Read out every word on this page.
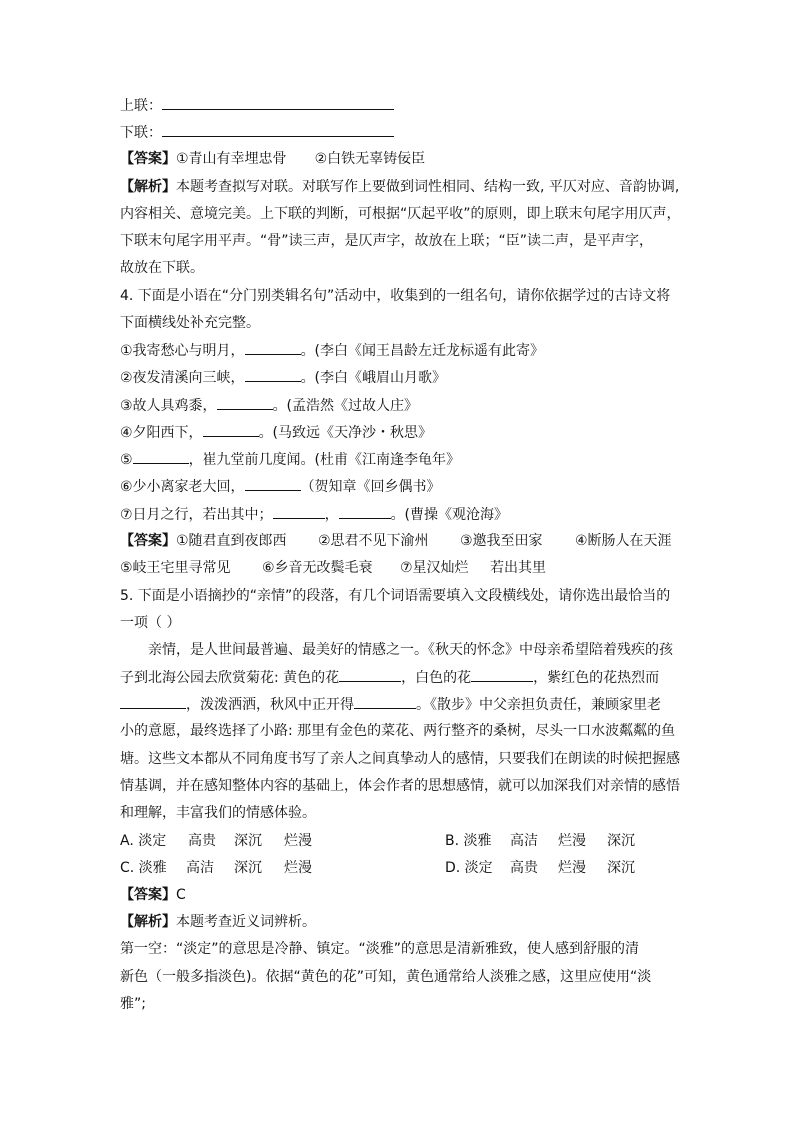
上联：

下联：

【答案】①青山有幸埋忠骨 ②白铁无辜铸佞臣

【解析】本题考查拟写对联。对联写作上要做到词性相同、结构一致, 平仄对应、音韵协调,

内容相关、意境完美。上下联的判断，可根据“仄起平收”的原则，即上联末句尾字用仄声，

下联末句尾字用平声。“骨”读三声，是仄声字，故放在上联；“臣”读二声，是平声字，

故放在下联。

4. 下面是小语在“分门别类辑名句”活动中，收集到的一组名句，请你依据学过的古诗文将

下面横线处补充完整。

①我寄愁心与明月，	。(李白《闻王昌龄左迁龙标遥有此寄》

②夜发清溪向三峡，	。(李白《峨眉山月歌》

③故人具鸡黍，	。(孟浩然《过故人庄》

④夕阳西下，	。(马致远《天净沙・秋思》

⑤	，崔九堂前几度闻。(杜甫《江南逢李龟年》

⑥少小离家老大回，	（贺知章《回乡偶书》

⑦日月之行，若出其中；	，	。(曹操《观沧海》

【答案】 ①随君直到夜郎西 ②思君不见下渝州 ③邀我至田家 ④断肠人在天涯
⑤岐王宅里寻常见 ⑥乡音无改鬓毛衰 ⑦星汉灿烂 若出其里

5. 下面是小语摘抄的“亲情”的段落，有几个词语需要填入文段横线处，请你选出最恰当的

一项（ ）

亲情，是人世间最普遍、最美好的情感之一。《秋天的怀念》中母亲希望陪着残疾的孩

子到北海公园去欣赏菊花: 黄色的花	，白色的花	，紫红色的花热烈而

，泼泼洒洒，秋风中正开得	。《散步》中父亲担负责任，兼顾家里老

小的意愿，最终选择了小路: 那里有金色的菜花、两行整齐的桑树，尽头一口水波粼粼的鱼

塘。这些文本都从不同角度书写了亲人之间真挚动人的感情，只要我们在朗读的时候把握感

情基调，并在感知整体内容的基础上，体会作者的思想感情，就可以加深我们对亲情的感悟

和理解，丰富我们的情感体验。

A. 淡定 高贵 深沉 烂漫	B. 淡雅 高洁 烂漫 深沉
C. 淡雅 高洁 深沉 烂漫	D. 淡定 高贵 烂漫 深沉

【答案】C

【解析】本题考查近义词辨析。

第一空：“淡定”的意思是冷静、镇定。“淡雅”的意思是清新雅致，使人感到舒服的清

新色（一般多指淡色)。依据“黄色的花”可知，黄色通常给人淡雅之感，这里应使用“淡

雅”;
